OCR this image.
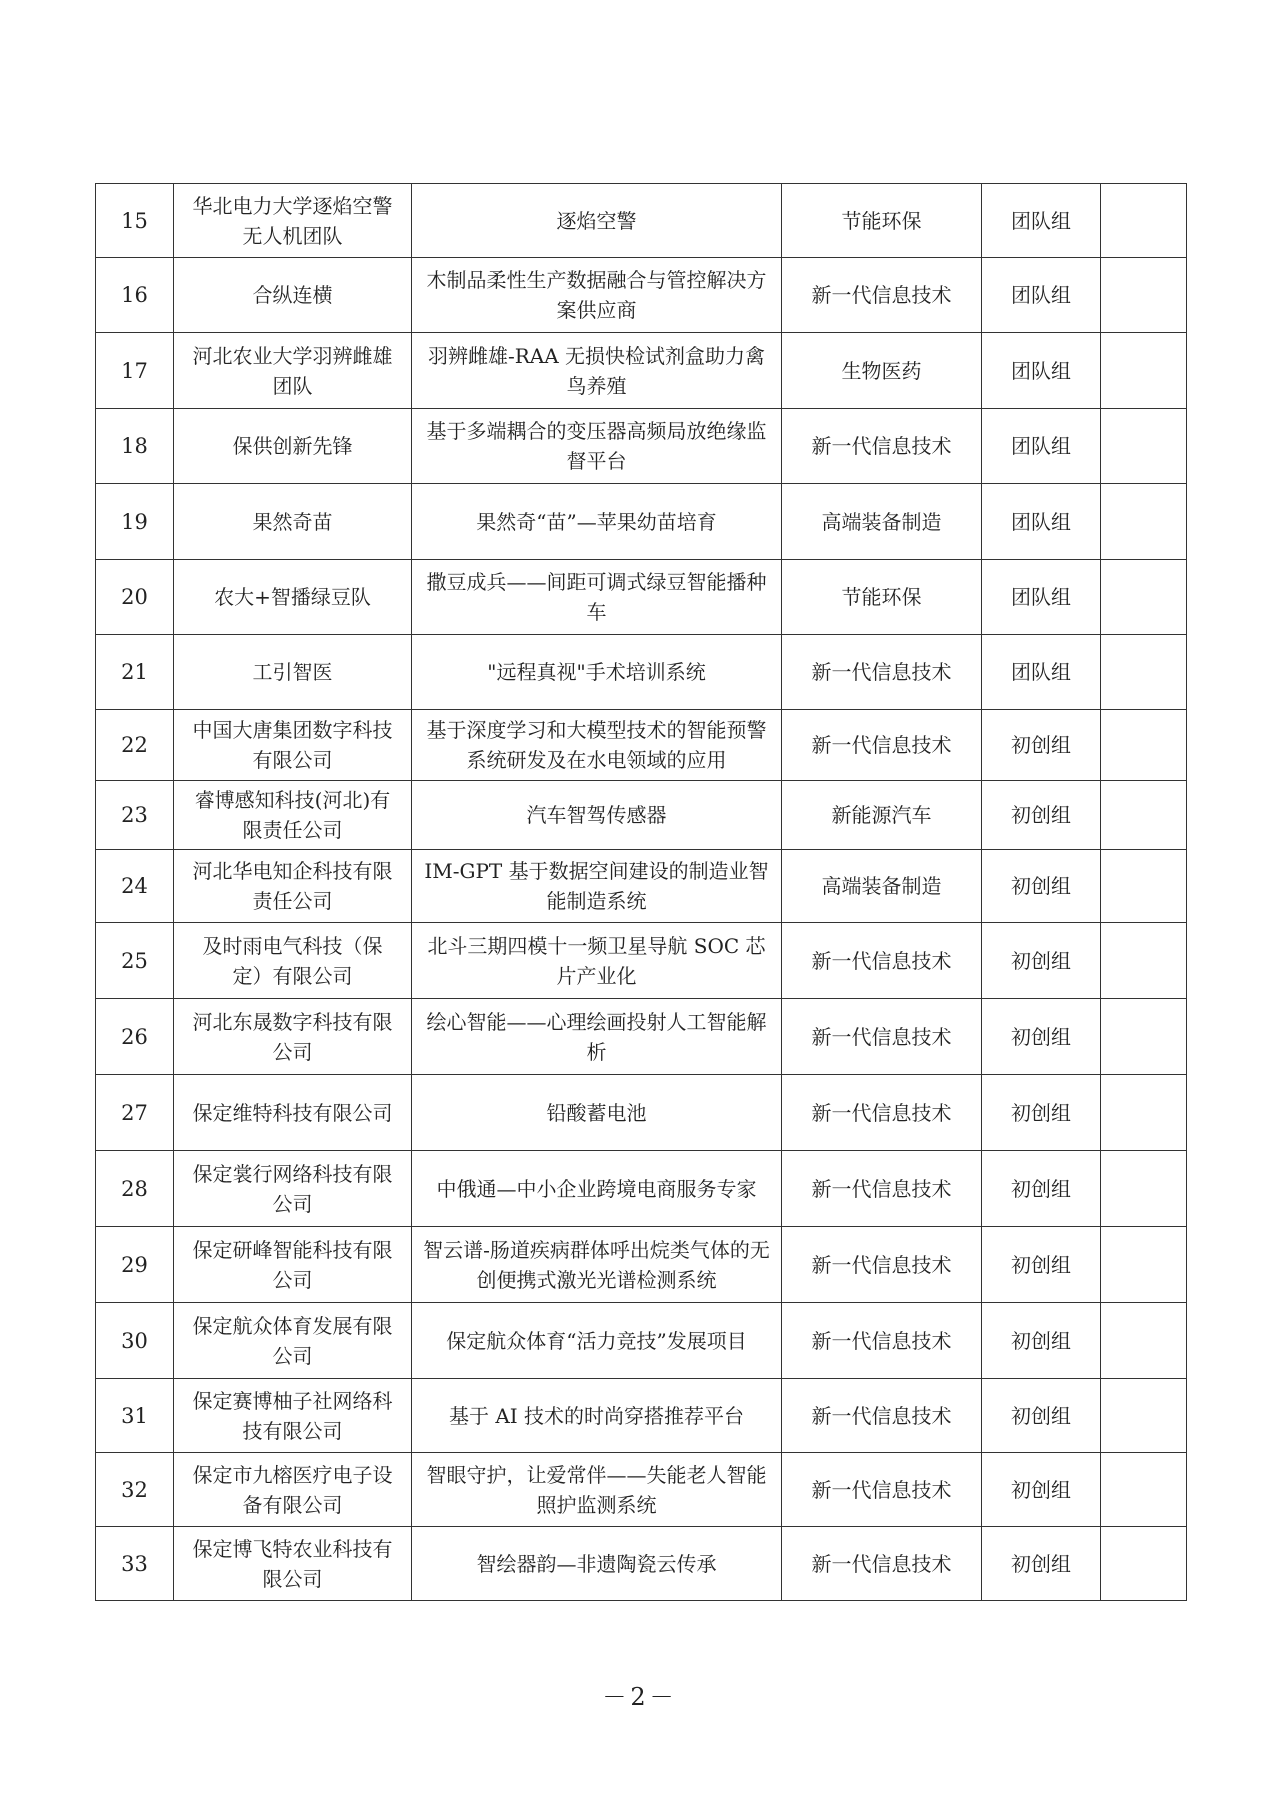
15	华北电力大学逐焰空警无人机团队	逐焰空警	节能环保	团队组	
16	合纵连横	木制品柔性生产数据融合与管控解决方案供应商	新一代信息技术	团队组	
17	河北农业大学羽辨雌雄团队	羽辨雌雄-RAA 无损快检试剂盒助力禽鸟养殖	生物医药	团队组	
18	保供创新先锋	基于多端耦合的变压器高频局放绝缘监督平台	新一代信息技术	团队组	
19	果然奇苗	果然奇“苗”—苹果幼苗培育	高端装备制造	团队组	
20	农大+智播绿豆队	撒豆成兵——间距可调式绿豆智能播种车	节能环保	团队组	
21	工引智医	"远程真视"手术培训系统	新一代信息技术	团队组	
22	中国大唐集团数字科技有限公司	基于深度学习和大模型技术的智能预警系统研发及在水电领域的应用	新一代信息技术	初创组	
23	睿博感知科技(河北)有限责任公司	汽车智驾传感器	新能源汽车	初创组	
24	河北华电知企科技有限责任公司	IM-GPT 基于数据空间建设的制造业智能制造系统	高端装备制造	初创组	
25	及时雨电气科技（保定）有限公司	北斗三期四模十一频卫星导航 SOC 芯片产业化	新一代信息技术	初创组	
26	河北东晟数字科技有限公司	绘心智能——心理绘画投射人工智能解析	新一代信息技术	初创组	
27	保定维特科技有限公司	铅酸蓄电池	新一代信息技术	初创组	
28	保定裳行网络科技有限公司	中俄通—中小企业跨境电商服务专家	新一代信息技术	初创组	
29	保定研峰智能科技有限公司	智云谱-肠道疾病群体呼出烷类气体的无创便携式激光光谱检测系统	新一代信息技术	初创组	
30	保定航众体育发展有限公司	保定航众体育“活力竞技”发展项目	新一代信息技术	初创组	
31	保定赛博柚子社网络科技有限公司	基于 AI 技术的时尚穿搭推荐平台	新一代信息技术	初创组	
32	保定市九榕医疗电子设备有限公司	智眼守护，让爱常伴——失能老人智能照护监测系统	新一代信息技术	初创组	
33	保定博飞特农业科技有限公司	智绘器韵—非遗陶瓷云传承	新一代信息技术	初创组	
－2－
